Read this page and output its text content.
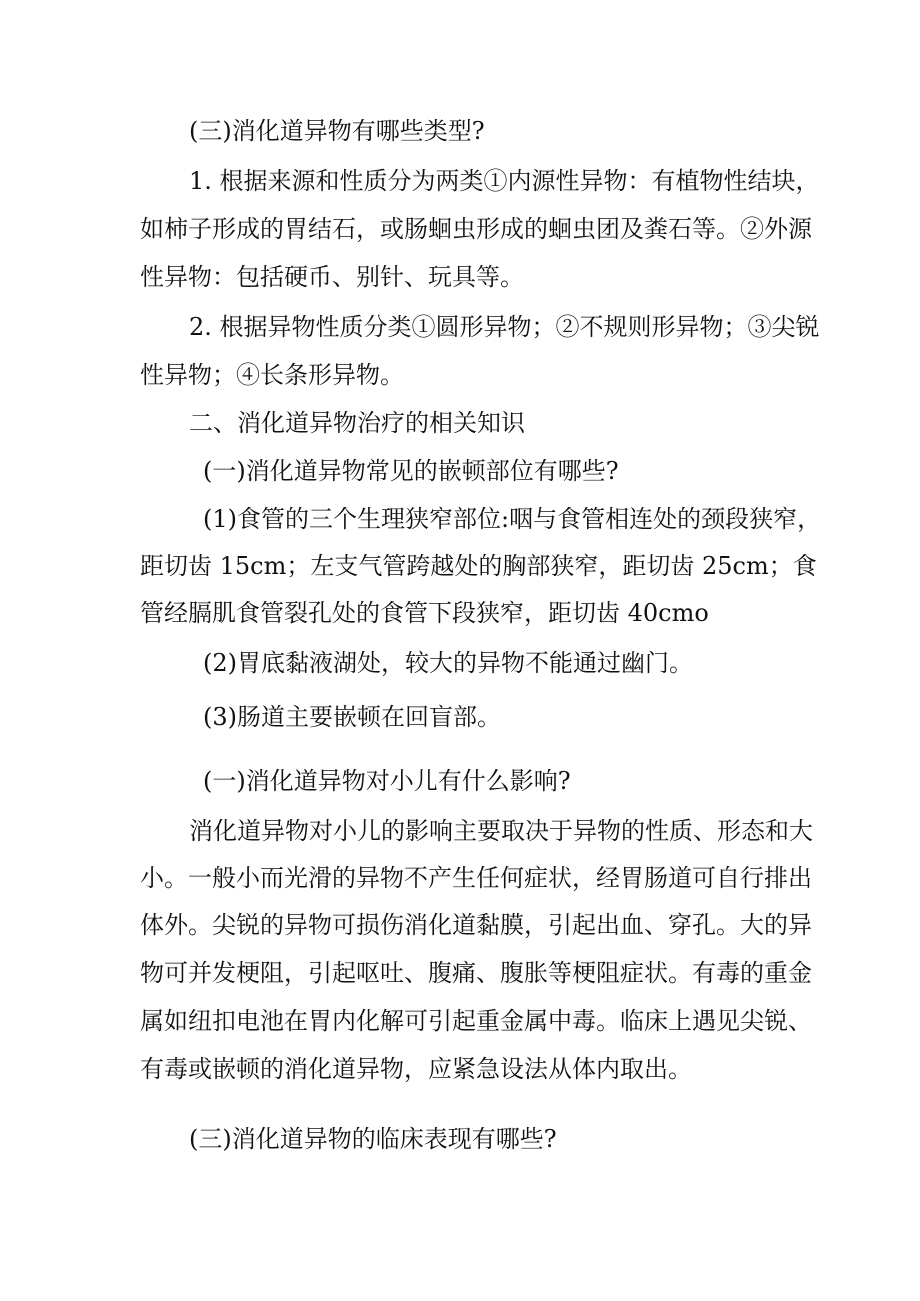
(三)消化道异物有哪些类型?
1. 根据来源和性质分为两类①内源性异物：有植物性结块，
如柿子形成的胃结石，或肠蛔虫形成的蛔虫团及粪石等。②外源
性异物：包括硬币、别针、玩具等。
2. 根据异物性质分类①圆形异物；②不规则形异物；③尖锐
性异物；④长条形异物。
二、消化道异物治疗的相关知识
(一)消化道异物常见的嵌顿部位有哪些?
(1)食管的三个生理狭窄部位:咽与食管相连处的颈段狭窄，
距切齿 15cm；左支气管跨越处的胸部狭窄，距切齿 25cm；食
管经膈肌食管裂孔处的食管下段狭窄，距切齿 40cmo
(2)胃底黏液湖处，较大的异物不能通过幽门。
(3)肠道主要嵌顿在回盲部。
(一)消化道异物对小儿有什么影响?
消化道异物对小儿的影响主要取决于异物的性质、形态和大
小。一般小而光滑的异物不产生任何症状，经胃肠道可自行排出
体外。尖锐的异物可损伤消化道黏膜，引起出血、穿孔。大的异
物可并发梗阻，引起呕吐、腹痛、腹胀等梗阻症状。有毒的重金
属如纽扣电池在胃内化解可引起重金属中毒。临床上遇见尖锐、
有毒或嵌顿的消化道异物，应紧急设法从体内取出。
(三)消化道异物的临床表现有哪些?
